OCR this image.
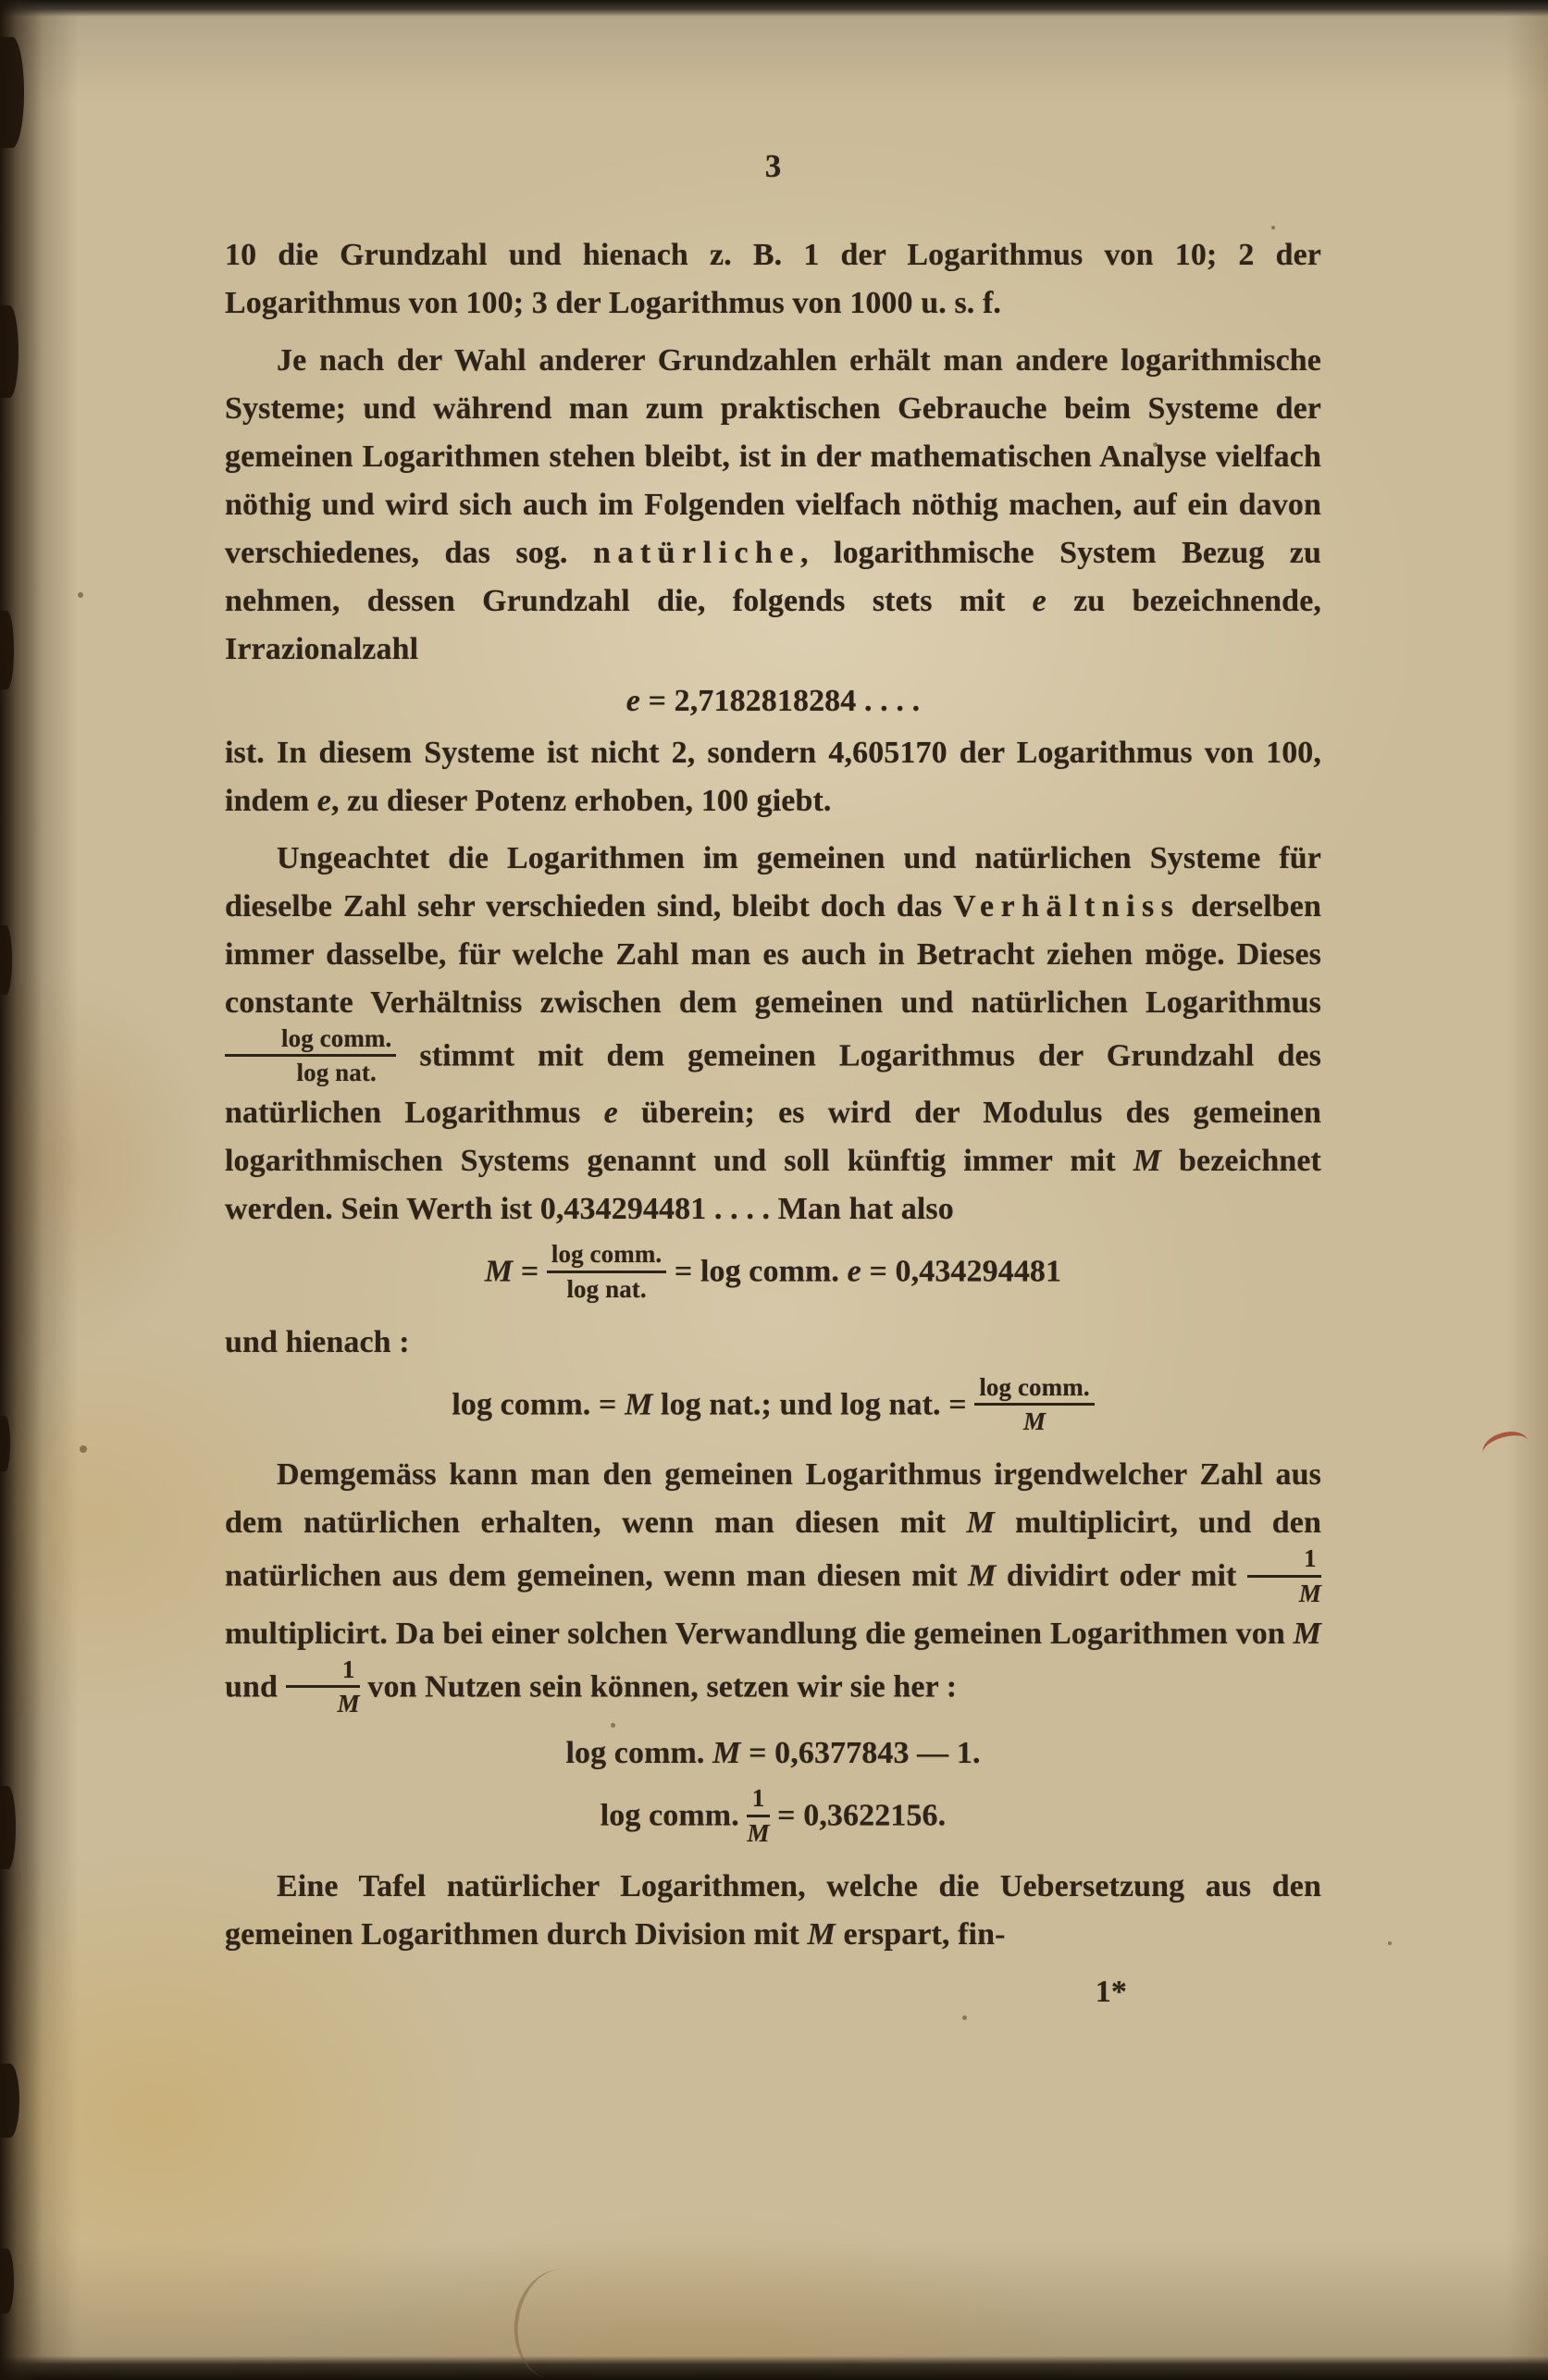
3

10 die Grundzahl und hienach z. B. 1 der Logarithmus von 10; 2 der Logarithmus von 100; 3 der Logarithmus von 1000 u. s. f.

Je nach der Wahl anderer Grundzahlen erhält man andere logarithmische Systeme; und während man zum praktischen Gebrauche beim Systeme der gemeinen Logarithmen stehen bleibt, ist in der mathematischen Analyse vielfach nöthig und wird sich auch im Folgenden vielfach nöthig machen, auf ein davon verschiedenes, das sog. natürliche, logarithmische System Bezug zu nehmen, dessen Grundzahl die, folgends stets mit e zu bezeichnende, Irrazionalzahl

e = 2,7182818284 . . . .

ist. In diesem Systeme ist nicht 2, sondern 4,605170 der Logarithmus von 100, indem e, zu dieser Potenz erhoben, 100 giebt.

Ungeachtet die Logarithmen im gemeinen und natürlichen Systeme für dieselbe Zahl sehr verschieden sind, bleibt doch das Verhältniss derselben immer dasselbe, für welche Zahl man es auch in Betracht ziehen möge. Dieses constante Verhältniss zwischen dem gemeinen und natürlichen Logarithmus
$\frac{\text{log comm.}}{\text{log nat.}}$ stimmt mit dem gemeinen Logarithmus der Grundzahl des natürlichen Logarithmus e überein; es wird der Modulus des gemeinen logarithmischen Systems genannt und soll künftig immer mit M bezeichnet werden. Sein Werth ist 0,434294481 . . . . Man hat also

$M = \frac{\text{log comm.}}{\text{log nat.}} = \log$ comm. e = 0,434294481

und hienach :

log comm. = M log nat.; und log nat. = $\frac{\text{log comm.}}{M}$

Demgemäss kann man den gemeinen Logarithmus irgendwelcher Zahl aus dem natürlichen erhalten, wenn man diesen mit M multiplicirt, und den natürlichen aus dem gemeinen, wenn man diesen mit M dividirt oder mit $\frac{1}{M}$
multiplicirt. Da bei einer solchen Verwandlung die gemeinen Logarithmen von M und $\frac{1}{M}$ von Nutzen sein können, setzen wir sie her :

log comm. M = 0,6377843 — 1.
log comm. $\frac{1}{M} = 0,3622156$.

Eine Tafel natürlicher Logarithmen, welche die Uebersetzung aus den gemeinen Logarithmen durch Division mit M erspart, fin-

1*
